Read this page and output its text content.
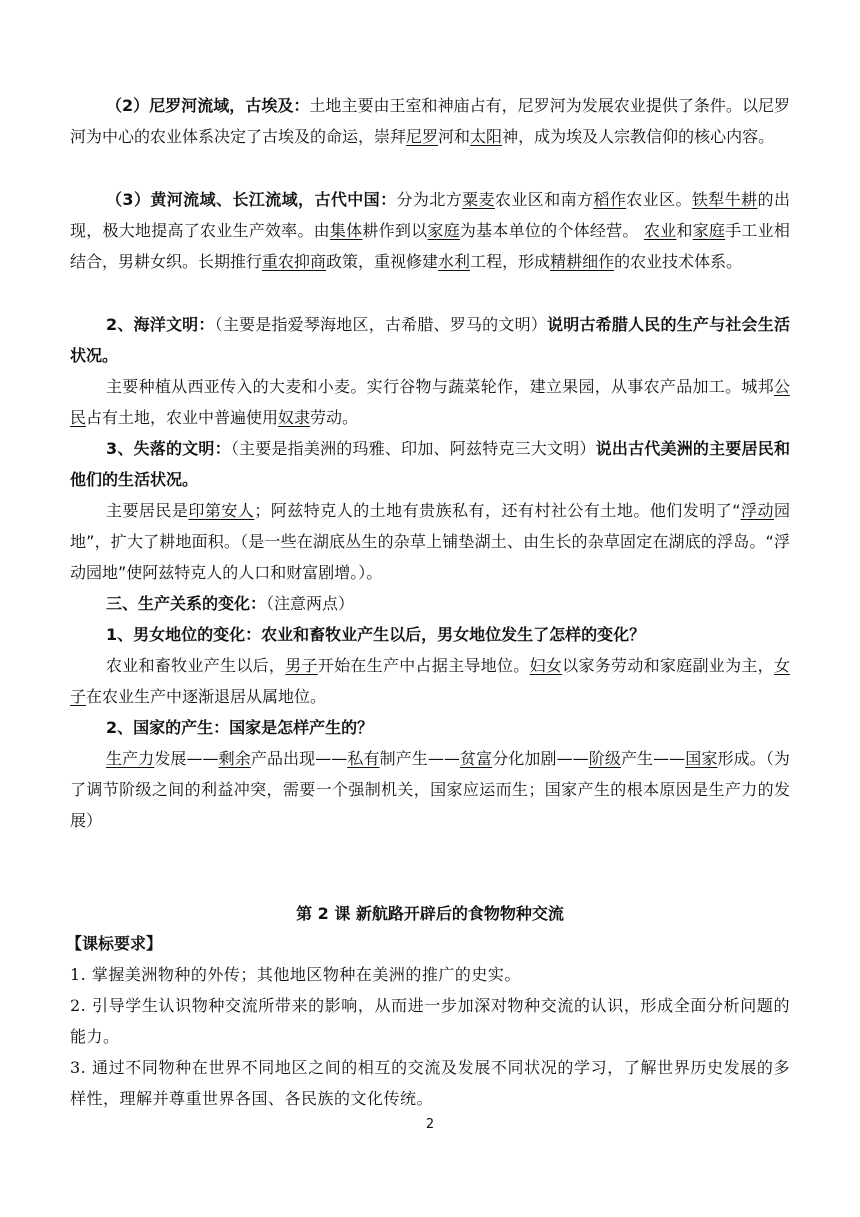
（2）尼罗河流域，古埃及：土地主要由王室和神庙占有，尼罗河为发展农业提供了条件。以尼罗河为中心的农业体系决定了古埃及的命运，崇拜尼罗河和太阳神，成为埃及人宗教信仰的核心内容。

（3）黄河流域、长江流域，古代中国：分为北方粟麦农业区和南方稻作农业区。铁犁牛耕的出现，极大地提高了农业生产效率。由集体耕作到以家庭为基本单位的个体经营。 农业和家庭手工业相结合，男耕女织。长期推行重农抑商政策，重视修建水利工程，形成精耕细作的农业技术体系。

2、海洋文明：（主要是指爱琴海地区，古希腊、罗马的文明）说明古希腊人民的生产与社会生活状况。

主要种植从西亚传入的大麦和小麦。实行谷物与蔬菜轮作，建立果园，从事农产品加工。城邦公民占有土地，农业中普遍使用奴隶劳动。

3、失落的文明：（主要是指美洲的玛雅、印加、阿兹特克三大文明）说出古代美洲的主要居民和他们的生活状况。

主要居民是印第安人；阿兹特克人的土地有贵族私有，还有村社公有土地。他们发明了“浮动园地”，扩大了耕地面积。（是一些在湖底丛生的杂草上铺垫湖土、由生长的杂草固定在湖底的浮岛。“浮动园地”使阿兹特克人的人口和财富剧增。）。

三、生产关系的变化：（注意两点）

1、男女地位的变化：农业和畜牧业产生以后，男女地位发生了怎样的变化？

农业和畜牧业产生以后，男子开始在生产中占据主导地位。妇女以家务劳动和家庭副业为主，女子在农业生产中逐渐退居从属地位。

2、国家的产生：国家是怎样产生的？

生产力发展——剩余产品出现——私有制产生——贫富分化加剧——阶级产生——国家形成。（为了调节阶级之间的利益冲突，需要一个强制机关，国家应运而生；国家产生的根本原因是生产力的发展）

第 2 课 新航路开辟后的食物物种交流

【课标要求】

1. 掌握美洲物种的外传；其他地区物种在美洲的推广的史实。

2. 引导学生认识物种交流所带来的影响，从而进一步加深对物种交流的认识，形成全面分析问题的能力。

3. 通过不同物种在世界不同地区之间的相互的交流及发展不同状况的学习，了解世界历史发展的多样性，理解并尊重世界各国、各民族的文化传统。

2
